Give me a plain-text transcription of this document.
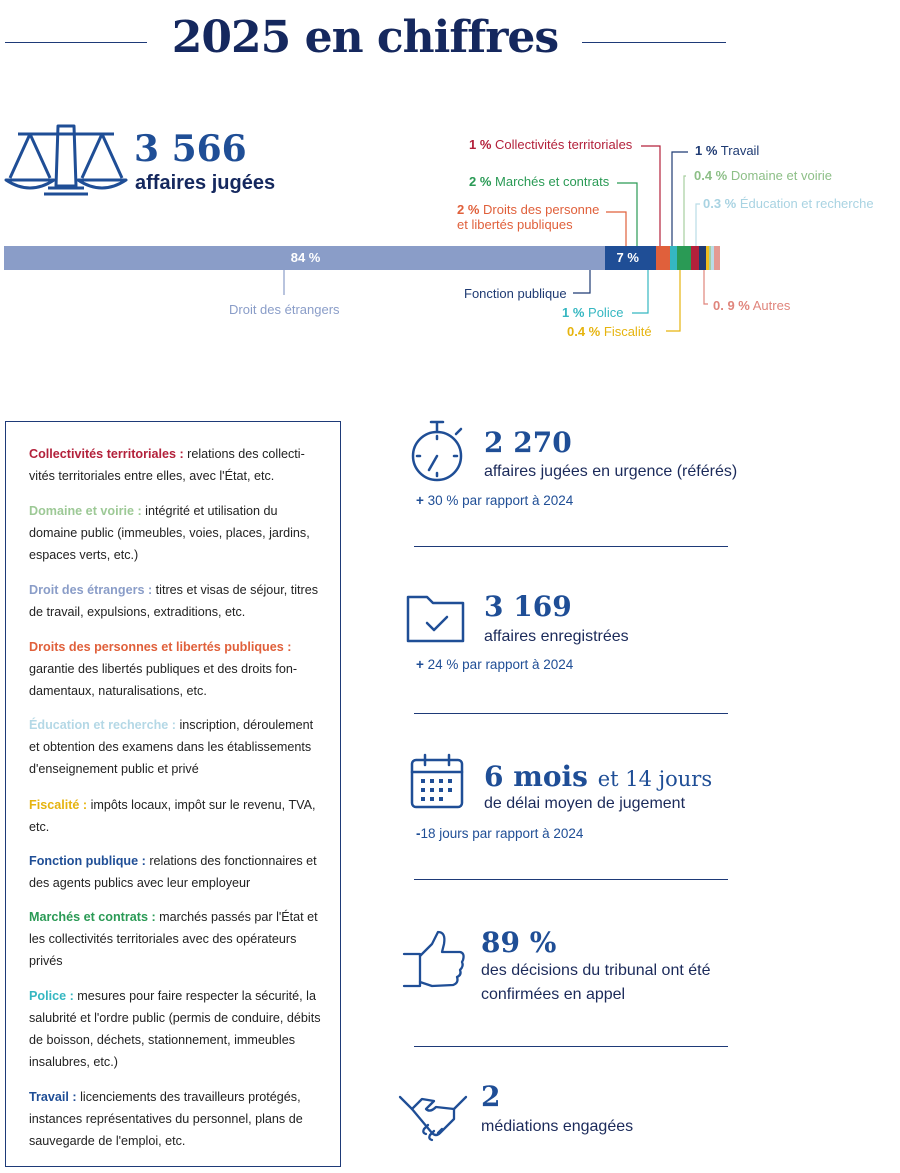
2025 en chiffres
3 566
affaires jugées
84 %	7 %
1 % Collectivités territoriales	1 % Travail
2 % Marchés et contrats	0.4 % Domaine et voirie
2 % Droits des personne
et libertés publiques
0.3 % Éducation et recherche
Droit des étrangers
Fonction publique
1 % Police
0.4 % Fiscalité
0. 9 % Autres
Collectivités territoriales : relations des collecti-vités territoriales entre elles, avec l'État, etc.
Domaine et voirie : intégrité et utilisation du domaine public (immeubles, voies, places, jardins, espaces verts, etc.)
Droit des étrangers : titres et visas de séjour, titres de travail, expulsions, extraditions, etc.
Droits des personnes et libertés publiques : garantie des libertés publiques et des droits fon-damentaux, naturalisations, etc.
Éducation et recherche : inscription, déroulement et obtention des examens dans les établissements d'enseignement public et privé
Fiscalité : impôts locaux, impôt sur le revenu, TVA, etc.
Fonction publique : relations des fonctionnaires et des agents publics avec leur employeur
Marchés et contrats : marchés passés par l'État et les collectivités territoriales avec des opérateurs privés
Police : mesures pour faire respecter la sécurité, la salubrité et l'ordre public (permis de conduire, débits de boisson, déchets, stationnement, immeubles insalubres, etc.)
Travail : licenciements des travailleurs protégés, instances représentatives du personnel, plans de sauvegarde de l'emploi, etc.
2 270
affaires jugées en urgence (référés)
+ 30 % par rapport à 2024
3 169
affaires enregistrées
+ 24 % par rapport à 2024
6 mois et 14 jours
de délai moyen de jugement
-18 jours par rapport à 2024
89 %
des décisions du tribunal ont été
confirmées en appel
2
médiations engagées
